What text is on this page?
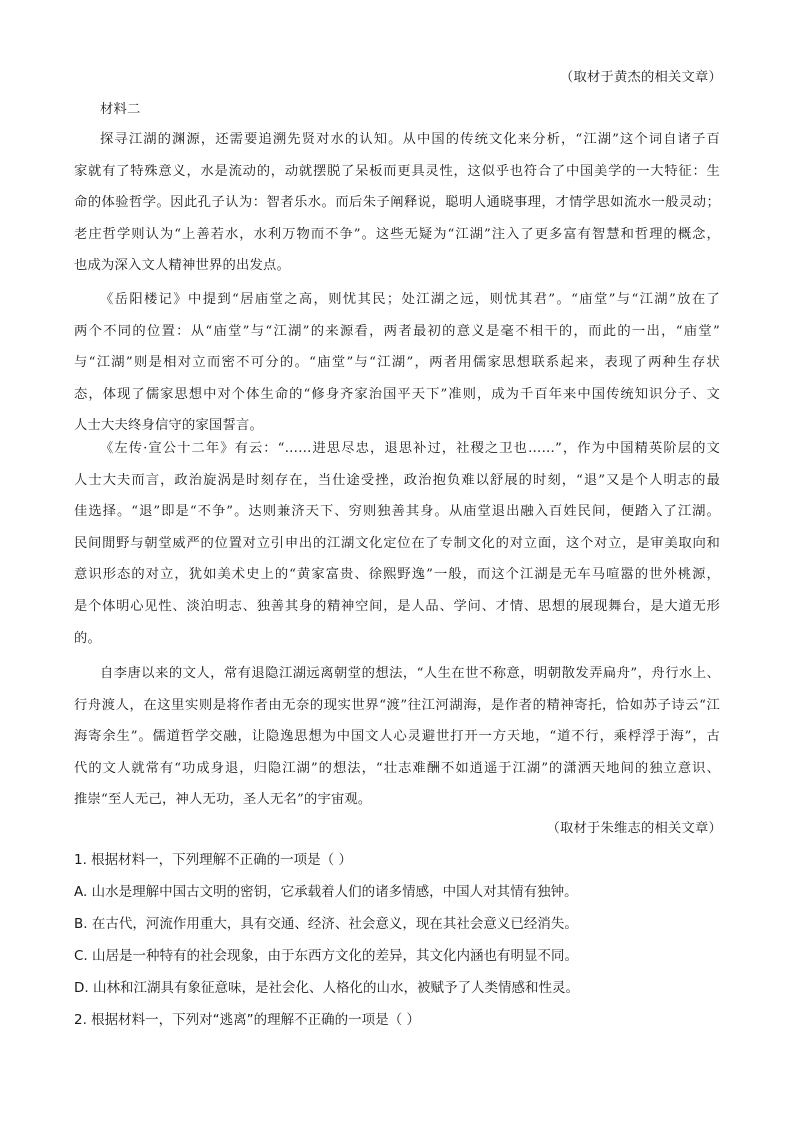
（取材于黄杰的相关文章）
材料二
探寻江湖的渊源，还需要追溯先贤对水的认知。从中国的传统文化来分析，“江湖”这个词自诸子百
家就有了特殊意义，水是流动的，动就摆脱了呆板而更具灵性，这似乎也符合了中国美学的一大特征：生
命的体验哲学。因此孔子认为：智者乐水。而后朱子阐释说，聪明人通晓事理，才情学思如流水一般灵动；
老庄哲学则认为“上善若水，水利万物而不争”。这些无疑为“江湖”注入了更多富有智慧和哲理的概念，
也成为深入文人精神世界的出发点。
《岳阳楼记》中提到“居庙堂之高，则忧其民；处江湖之远，则忧其君”。“庙堂”与“江湖”放在了
两个不同的位置：从“庙堂”与“江湖”的来源看，两者最初的意义是毫不相干的，而此的一出，“庙堂”
与“江湖”则是相对立而密不可分的。“庙堂”与“江湖”，两者用儒家思想联系起来，表现了两种生存状
态，体现了儒家思想中对个体生命的“修身齐家治国平天下”准则，成为千百年来中国传统知识分子、文
人士大夫终身信守的家国誓言。
《左传·宣公十二年》有云：“……进思尽忠，退思补过，社稷之卫也……”，作为中国精英阶层的文
人士大夫而言，政治旋涡是时刻存在，当仕途受挫，政治抱负难以舒展的时刻，“退”又是个人明志的最
佳选择。“退”即是“不争”。达则兼济天下、穷则独善其身。从庙堂退出融入百姓民间，便踏入了江湖。
民间閒野与朝堂威严的位置对立引申出的江湖文化定位在了专制文化的对立面，这个对立，是审美取向和
意识形态的对立，犹如美术史上的“黄家富贵、徐熙野逸”一般，而这个江湖是无车马喧嚣的世外桃源，
是个体明心见性、淡泊明志、独善其身的精神空间，是人品、学问、才情、思想的展现舞台，是大道无形
的。
自李唐以来的文人，常有退隐江湖远离朝堂的想法，“人生在世不称意，明朝散发弄扁舟”，舟行水上、
行舟渡人，在这里实则是将作者由无奈的现实世界“渡”往江河湖海，是作者的精神寄托，恰如苏子诗云“江
海寄余生”。儒道哲学交融，让隐逸思想为中国文人心灵避世打开一方天地，“道不行，乘桴浮于海”，古
代的文人就常有“功成身退，归隐江湖”的想法，“壮志难酬不如逍遥于江湖”的潇洒天地间的独立意识、
推崇“至人无己，神人无功，圣人无名”的宇宙观。
（取材于朱维志的相关文章）
1. 根据材料一，下列理解不正确的一项是（ ）
A. 山水是理解中国古文明的密钥，它承载着人们的诸多情感，中国人对其情有独钟。
B. 在古代，河流作用重大，具有交通、经济、社会意义，现在其社会意义已经消失。
C. 山居是一种特有的社会现象，由于东西方文化的差异，其文化内涵也有明显不同。
D. 山林和江湖具有象征意味，是社会化、人格化的山水，被赋予了人类情感和性灵。
2. 根据材料一，下列对“逃离”的理解不正确的一项是（ ）
